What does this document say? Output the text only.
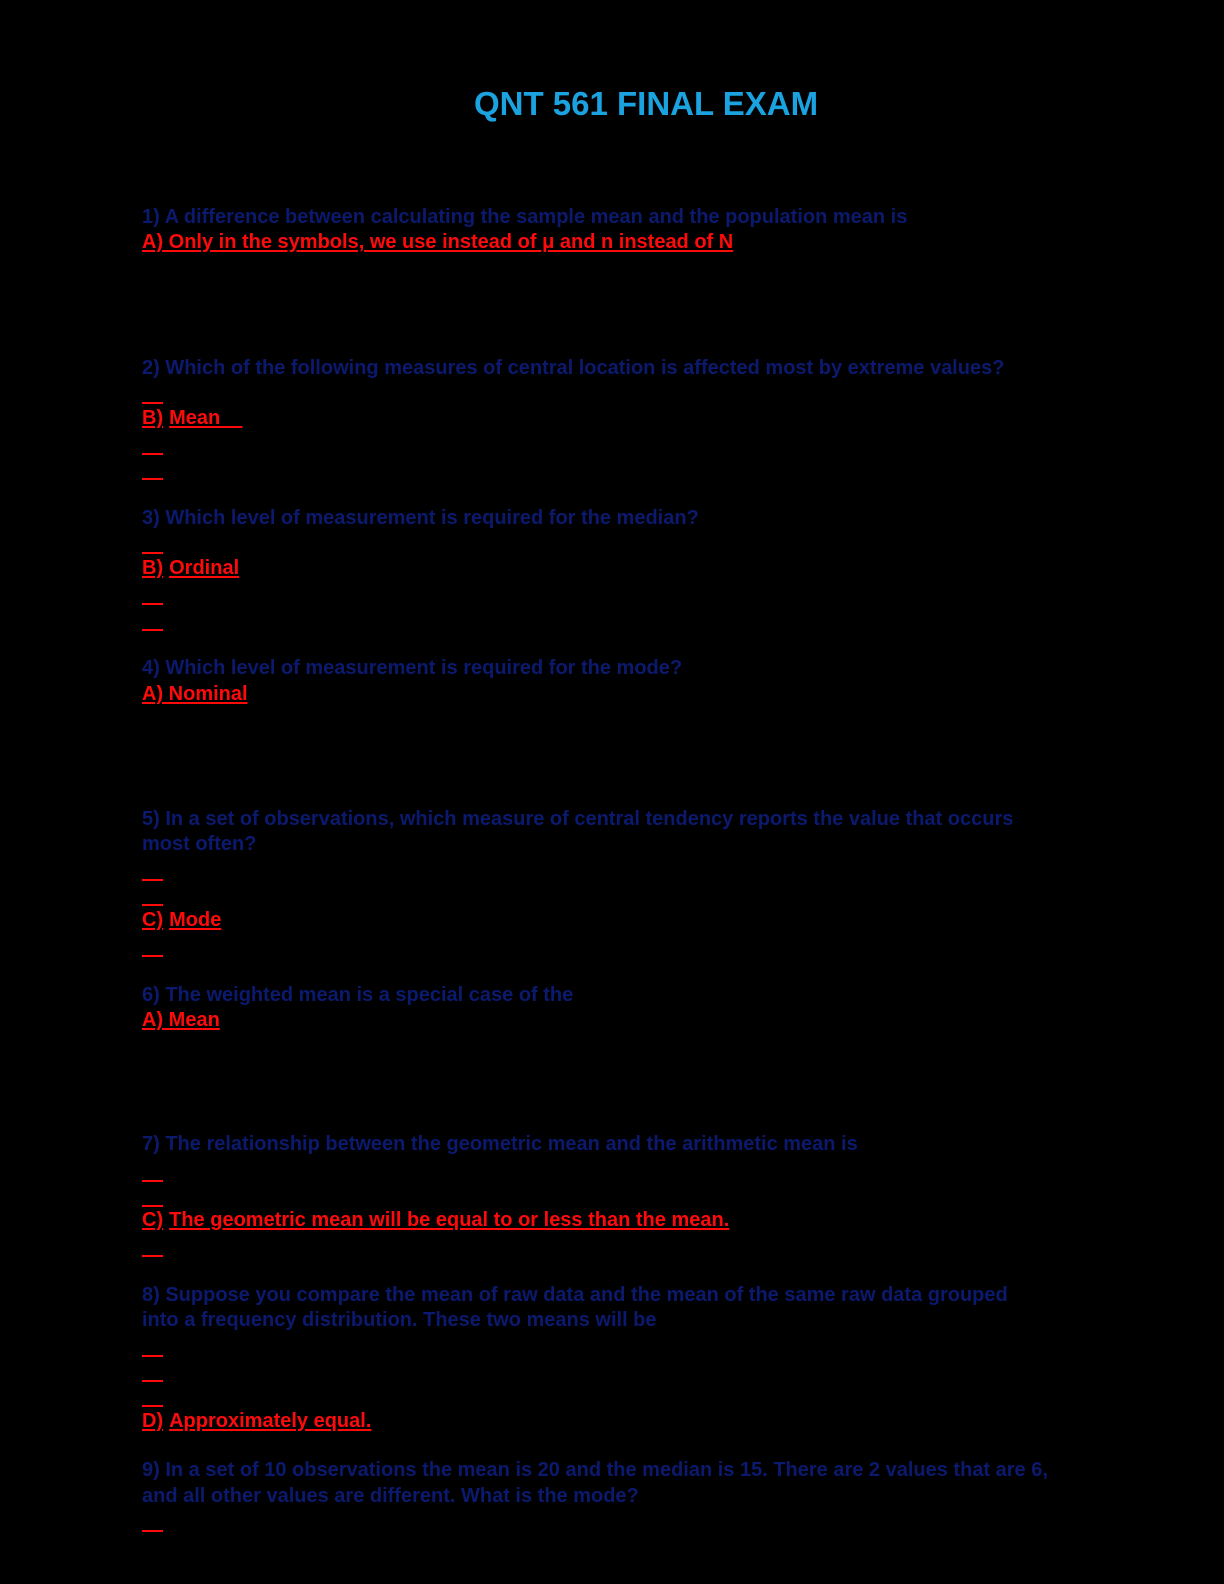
QNT 561 FINAL EXAM
1) A difference between calculating the sample mean and the population mean is
A) Only in the symbols, we use instead of μ and n instead of N
2) Which of the following measures of central location is affected most by extreme values?
B) Mean
3) Which level of measurement is required for the median?
B) Ordinal
4) Which level of measurement is required for the mode?
A) Nominal
5) In a set of observations, which measure of central tendency reports the value that occurs
most often?
C) Mode
6) The weighted mean is a special case of the
A) Mean
7) The relationship between the geometric mean and the arithmetic mean is
C) The geometric mean will be equal to or less than the mean.
8) Suppose you compare the mean of raw data and the mean of the same raw data grouped
into a frequency distribution. These two means will be
D) Approximately equal.
9) In a set of 10 observations the mean is 20 and the median is 15. There are 2 values that are 6,
and all other values are different. What is the mode?
